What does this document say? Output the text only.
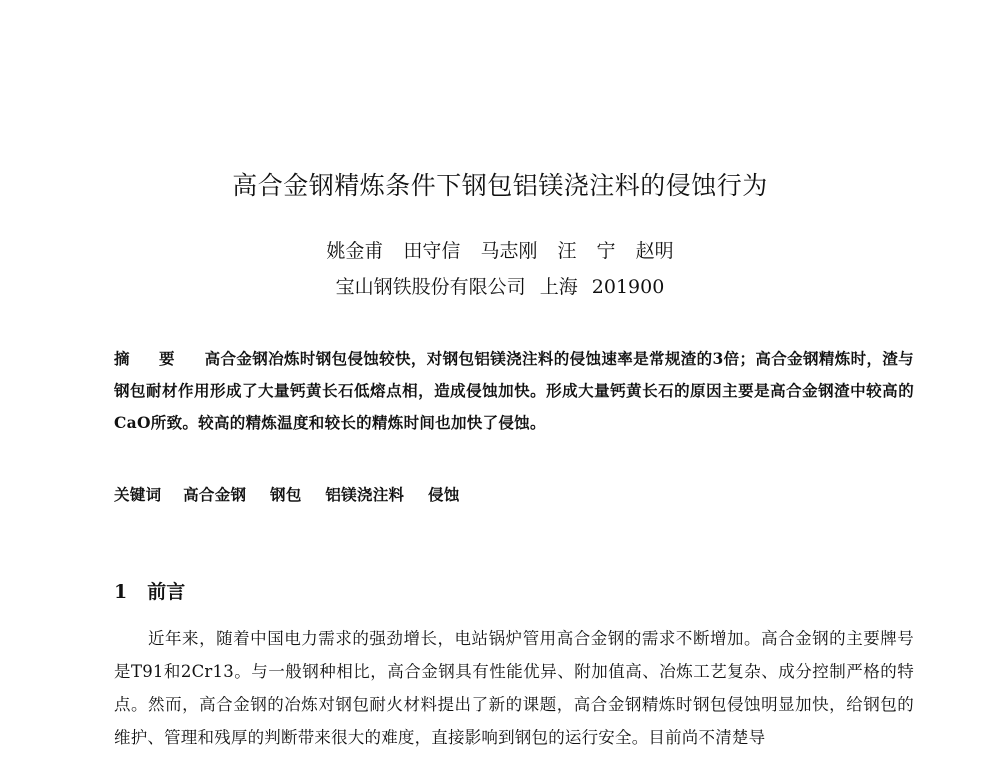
高合金钢精炼条件下钢包铝镁浇注料的侵蚀行为
姚金甫 田守信 马志刚 汪 宁 赵明
宝山钢铁股份有限公司 上海 201900
摘 要 高合金钢冶炼时钢包侵蚀较快，对钢包铝镁浇注料的侵蚀速率是常规渣的3倍；高合金钢精炼时，渣与钢包耐材作用形成了大量钙黄长石低熔点相，造成侵蚀加快。形成大量钙黄长石的原因主要是高合金钢渣中较高的CaO所致。较高的精炼温度和较长的精炼时间也加快了侵蚀。
关键词 高合金钢 钢包 铝镁浇注料 侵蚀
1 前言
近年来，随着中国电力需求的强劲增长，电站锅炉管用高合金钢的需求不断增加。高合金钢的主要牌号是T91和2Cr13。与一般钢种相比，高合金钢具有性能优异、附加值高、冶炼工艺复杂、成分控制严格的特点。然而，高合金钢的冶炼对钢包耐火材料提出了新的课题，高合金钢精炼时钢包侵蚀明显加快，给钢包的维护、管理和残厚的判断带来很大的难度，直接影响到钢包的运行安全。目前尚不清楚导
